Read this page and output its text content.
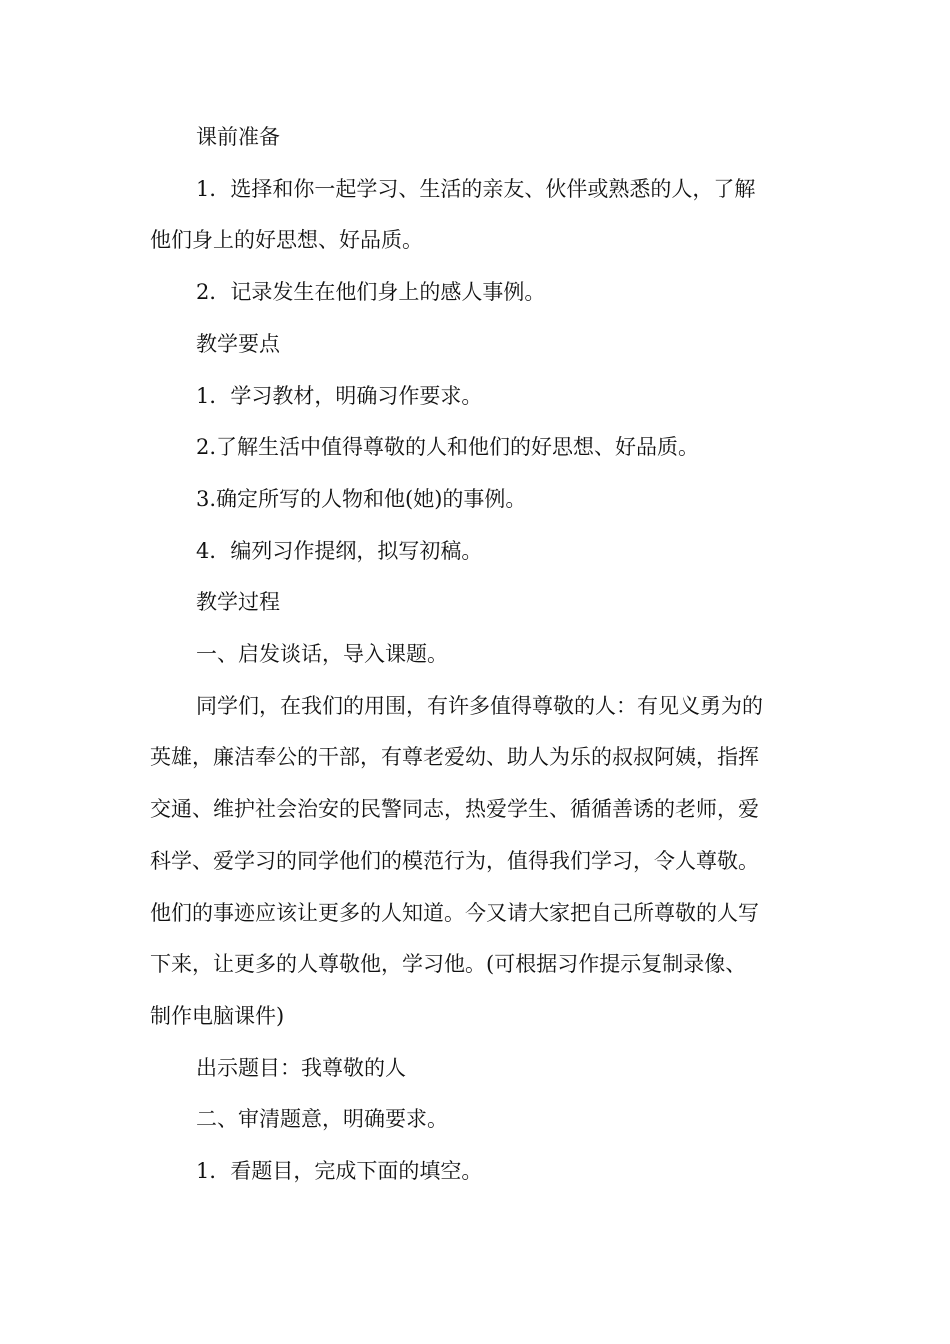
课前准备
1．选择和你一起学习、生活的亲友、伙伴或熟悉的人，了解
他们身上的好思想、好品质。
2．记录发生在他们身上的感人事例。
教学要点
1．学习教材，明确习作要求。
2.了解生活中值得尊敬的人和他们的好思想、好品质。
3.确定所写的人物和他(她)的事例。
4．编列习作提纲，拟写初稿。
教学过程
一、启发谈话，导入课题。
同学们，在我们的用围，有许多值得尊敬的人：有见义勇为的
英雄，廉洁奉公的干部，有尊老爱幼、助人为乐的叔叔阿姨，指挥
交通、维护社会治安的民警同志，热爱学生、循循善诱的老师，爱
科学、爱学习的同学他们的模范行为，值得我们学习，令人尊敬。
他们的事迹应该让更多的人知道。今又请大家把自己所尊敬的人写
下来，让更多的人尊敬他，学习他。(可根据习作提示复制录像、
制作电脑课件)
出示题目：我尊敬的人
二、审清题意，明确要求。
1．看题目，完成下面的填空。
